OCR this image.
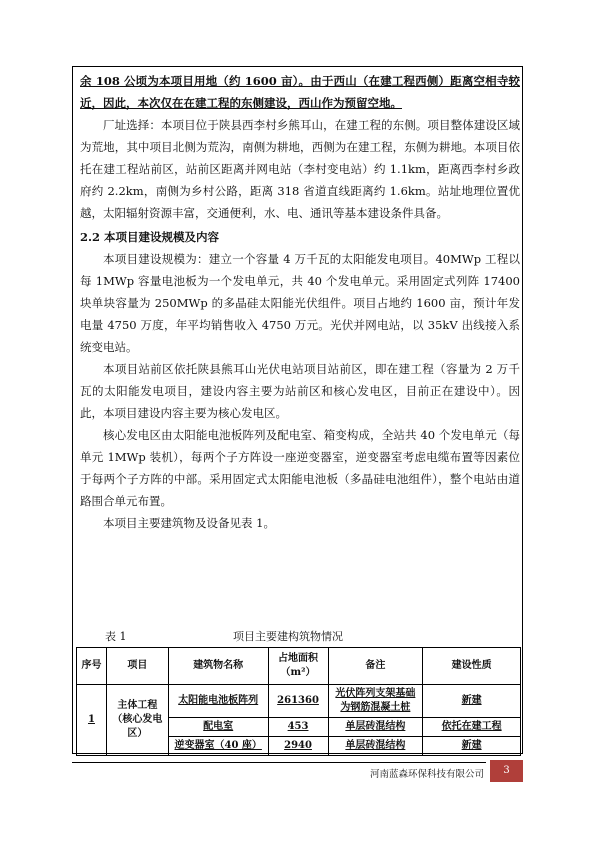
余 108 公顷为本项目用地（约 1600 亩）。由于西山（在建工程西侧）距离空相寺较近，因此，本次仅在在建工程的东侧建设，西山作为预留空地。

厂址选择：本项目位于陕县西李村乡熊耳山，在建工程的东侧。项目整体建设区域为荒地，其中项目北侧为荒沟，南侧为耕地，西侧为在建工程，东侧为耕地。本项目依托在建工程站前区，站前区距离并网电站（李村变电站）约 1.1km，距离西李村乡政府约 2.2km，南侧为乡村公路，距离 318 省道直线距离约 1.6km。站址地理位置优越，太阳辐射资源丰富，交通便利，水、电、通讯等基本建设条件具备。

2.2 本项目建设规模及内容

本项目建设规模为：建立一个容量 4 万千瓦的太阳能发电项目。40MWp 工程以每 1MWp 容量电池板为一个发电单元，共 40 个发电单元。采用固定式列阵 17400 块单块容量为 250MWp 的多晶硅太阳能光伏组件。项目占地约 1600 亩，预计年发电量 4750 万度，年平均销售收入 4750 万元。光伏并网电站，以 35kV 出线接入系统变电站。

本项目站前区依托陕县熊耳山光伏电站项目站前区，即在建工程（容量为 2 万千瓦的太阳能发电项目，建设内容主要为站前区和核心发电区，目前正在建设中）。因此，本项目建设内容主要为核心发电区。

核心发电区由太阳能电池板阵列及配电室、箱变构成，全站共 40 个发电单元（每单元 1MWp 装机），每两个子方阵设一座逆变器室，逆变器室考虑电缆布置等因素位于每两个子方阵的中部。采用固定式太阳能电池板（多晶硅电池组件），整个电站由道路围合单元布置。

本项目主要建筑物及设备见表 1。

表 1	项目主要建构筑物情况
序号	项目	建筑物名称	占地面积（m²）	备注	建设性质
1	主体工程（核心发电区）	太阳能电池板阵列	261360	光伏阵列支架基础为钢筋混凝土桩	新建
		配电室	453	单层砖混结构	依托在建工程
		逆变器室（40 座）	2940	单层砖混结构	新建
河南蓝森环保科技有限公司	3
